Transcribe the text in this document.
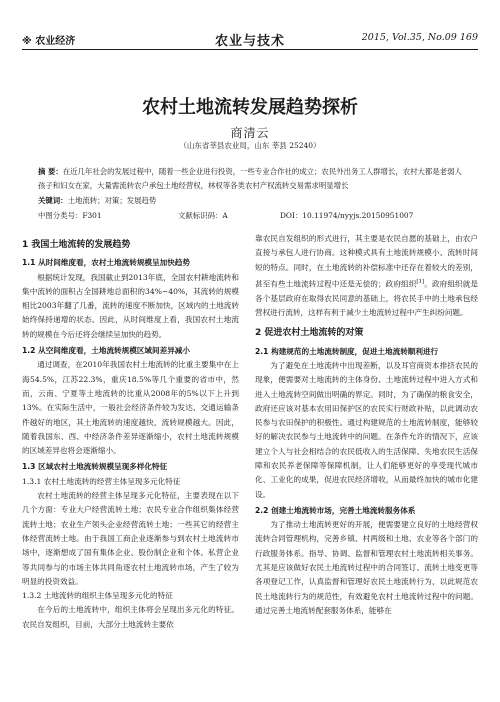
※ 农业经济	农业与技术	2015, Vol.35, No.09 169
农村土地流转发展趋势探析
商清云
（山东省莘县农业局，山东 莘县 25240）
摘 要：在近几年社会的发展过程中，随着一些企业进行投资，一些专业合作社的成立；农民外出务工人群增长，农村大都是老弱人孩子和妇女在家，大量需流转农户承包土地经营权，林权等各类农村产权流转交易需求明显增长
关键词：土地流转；对策；发展趋势
中图分类号：F301	文献标识码：A	DOI：10.11974/nyyjs.20150951007
1 我国土地流转的发展趋势
1.1 从时间维度看，农村土地流转规模呈加快趋势

根据统计发现，我国截止到2013年底，全国农村耕地流转和集中流转的面积占全国耕地总面积的34%~40%，其流转的规模相比2003年翻了几番，流转的速度不断加快，区域内的土地流转始终保持递增的状态。因此，从时间维度上看，我国农村土地流转的规模在今后还将会继续呈加快的趋势。

1.2 从空间维度看，土地流转规模区域间差异减小

通过调查，在2010年我国农村土地流转的比重主要集中在上海54.5%，江苏22.3%，重庆18.5%等几个重要的省市中，然而，云南、宁夏等土地流转的比重从2008年的5%以下上升到13%。在实际生活中，一般社会经济条件较为发达、交通运输条件越好的地区，其土地流转的速度越快，流转规模越大。因此，随着我国东、西、中经济条件差异逐渐缩小，农村土地流转规模的区域差异也将会逐渐缩小。

1.3 区域农村土地流转规模呈现多样化特征
1.3.1 农村土地流转的经营主体呈现多元化特征

农村土地流转的经营主体呈现多元化特征，主要表现在以下几个方面：专业大户经营流转土地；农民专业合作组织集体经营流转土地；农业生产领头企业经营流转土地；一些其它的经营主体经营流转土地。由于我国工商企业逐渐参与到农村土地流转市场中，逐渐想成了国有集体企业、股份制企业和个体、私营企业等共同参与的市场主体共同角逐农村土地流转市场，产生了较为明显的投资效益。

1.3.2 土地流转的组织主体呈现多元化的特征

在今后的土地流转中，组织主体将会呈现出多元化的特征。农民自发组织，目前，大部分土地流转主要依

靠农民自发组织的形式进行，其主要是农民自愿的基础上，由农户直接与承包人进行协商。这种模式具有土地流转规模小、流转时间短的特点。同时，在土地流转的补偿标准中还存在着较大的差别，甚至有些土地流转过程中还是无偿的；政府组织[1]。政府组织就是各个基层政府在取得农民同意的基础上，将农民手中的土地承包经营权进行流转，这样有利于减少土地流转过程中产生纠纷问题。

2 促进农村土地流转的对策
2.1 构建规范的土地流转制度，促进土地流转顺利进行

为了避免在土地流转中出现差断，以及耳官商资本排挤农民的现象，便需要对土地流转的主体身份、土地流转过程中进入方式和进入土地流转空间做出明确的界定。同时，为了确保的粮食安全，政府还应该对基本农用田保护区的农民实行财政补贴，以此调动农民参与农田保护的积极性。通过构建规范的土地流转制度，能够较好的解决农民参与土地流转中的问题。在条件允许的情况下，应该建立个人与社会相结合的农民低收入的生活保障、失地农民生活保障和农民养老保障等保障机制，让人们能够更好的享受现代城市化、工业化的成果，促进农民经济增收，从而最终加快的城市化建设。

2.2 创建土地流转市场，完善土地流转服务体系

为了推动土地流转更好的开展，便需要建立良好的土地经营权流转合同管理机构，完善乡镇、村两级和土地、农业等各个部门的行政服务体系。指导、协调、监督和管理农村土地流转相关事务。尤其是应该做好农民土地流转过程中的合同签订、流转土地变更等各项登记工作，认真监督和管理好农民土地流转行为，以此规范农民土地流转行为的规范性，有效避免农村土地流转过程中的问题。通过完善土地流转配套服务体系，能够在
